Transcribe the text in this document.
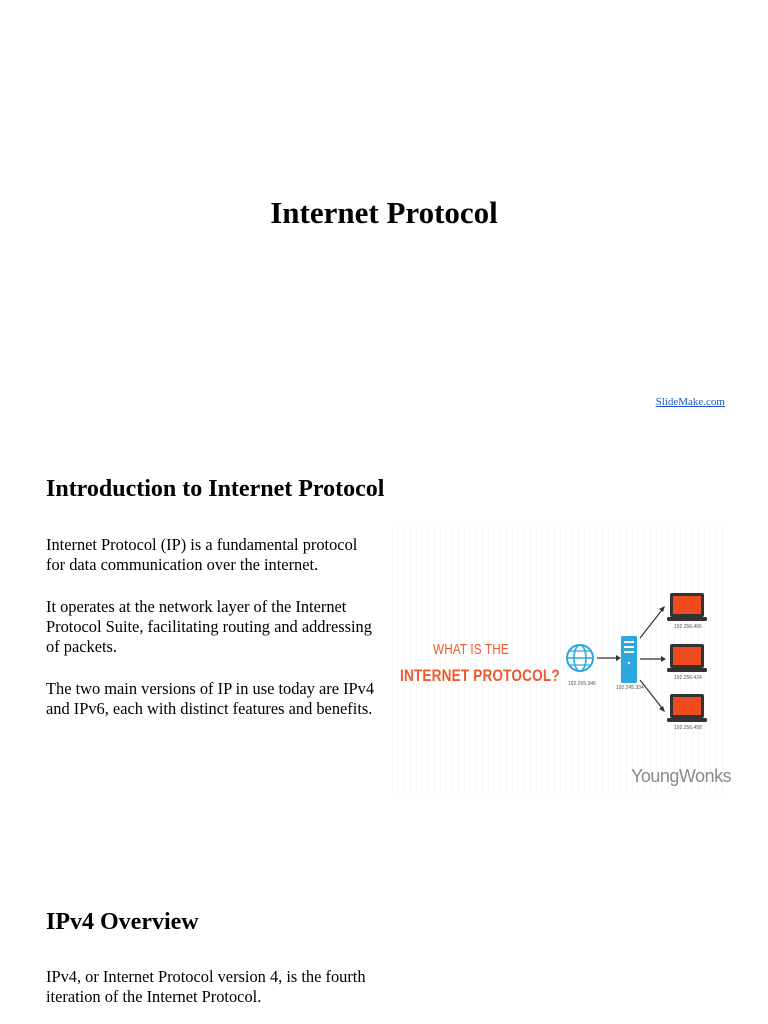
Internet Protocol
SlideMake.com
Introduction to Internet Protocol

Internet Protocol (IP) is a fundamental protocol for data communication over the internet.

It operates at the network layer of the Internet Protocol Suite, facilitating routing and addressing of packets.

The two main versions of IP in use today are IPv4 and IPv6, each with distinct features and benefits.

WHAT IS THE
INTERNET PROTOCOL? 192.265.345
192.245.334
192.256.466
192.256.424
192.256.458
YoungWonks
IPv4 Overview

IPv4, or Internet Protocol version 4, is the fourth iteration of the Internet Protocol.
